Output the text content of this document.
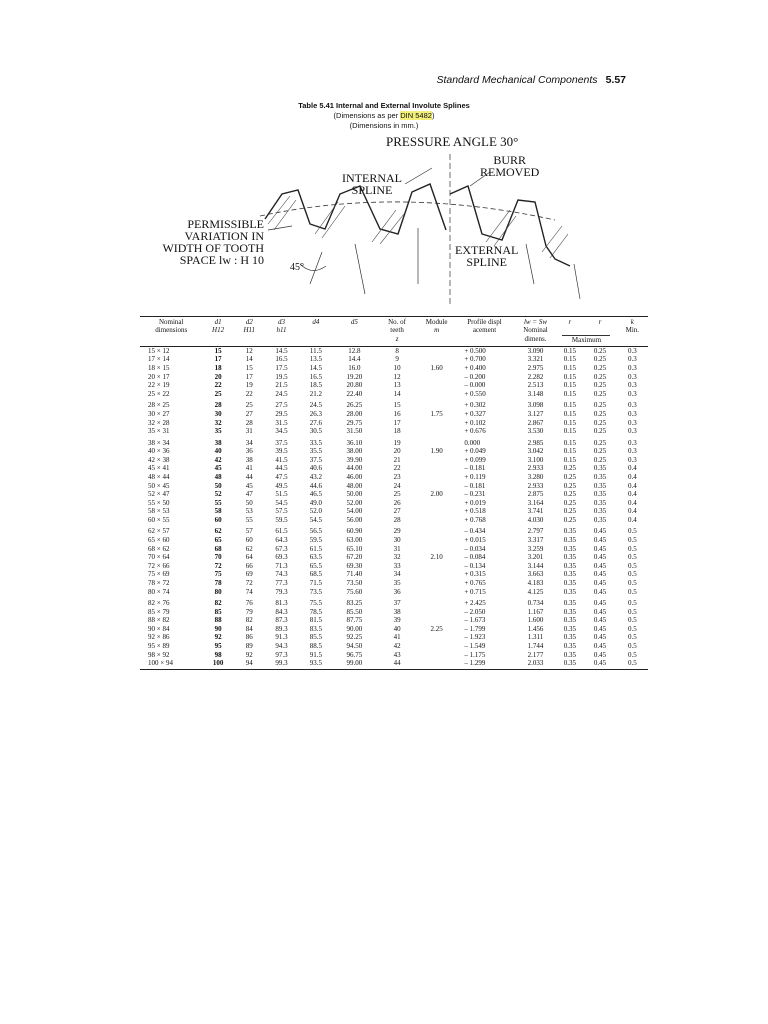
Standard Mechanical Components 5.57
Table 5.41 Internal and External Involute Splines
(Dimensions as per DIN 5482)
(Dimensions in mm.)
PRESSURE ANGLE 30°
BURR
REMOVED
INTERNAL
SPLINE
PERMISSIBLE
VARIATION IN
WIDTH OF TOOTH
SPACE lw : H 10
EXTERNAL
SPLINE
45°
Nominal	d1	d2	d3	d4	d5	No. of	Module	Profile displ	lw = Sw	r	r	k
dimensions	H12	H11	h11			teeth	m	acement	Nominal			Min.
						z			dimens.	Maximum		
15 × 12	15	12	14.5	11.5	12.8	8		+ 0.500	3.090	0.15	0.25	0.3
17 × 14	17	14	16.5	13.5	14.4	9		+ 0.700	3.321	0.15	0.25	0.3
18 × 15	18	15	17.5	14.5	16.0	10	1.60	+ 0.400	2.975	0.15	0.25	0.3
20 × 17	20	17	19.5	16.5	19.20	12		– 0.200	2.282	0.15	0.25	0.3
22 × 19	22	19	21.5	18.5	20.80	13		– 0.000	2.513	0.15	0.25	0.3
25 × 22	25	22	24.5	21.2	22.40	14		+ 0.550	3.148	0.15	0.25	0.3
28 × 25	28	25	27.5	24.5	26.25	15		+ 0.302	3.098	0.15	0.25	0.3
30 × 27	30	27	29.5	26.3	28.00	16	1.75	+ 0.327	3.127	0.15	0.25	0.3
32 × 28	32	28	31.5	27.6	29.75	17		+ 0.102	2.867	0.15	0.25	0.3
35 × 31	35	31	34.5	30.5	31.50	18		+ 0.676	3.530	0.15	0.25	0.3
38 × 34	38	34	37.5	33.5	36.10	19		0.000	2.985	0.15	0.25	0.3
40 × 36	40	36	39.5	35.5	38.00	20	1.90	+ 0.049	3.042	0.15	0.25	0.3
42 × 38	42	38	41.5	37.5	39.90	21		+ 0.099	3.100	0.15	0.25	0.3
45 × 41	45	41	44.5	40.6	44.00	22		– 0.181	2.933	0.25	0.35	0.4
48 × 44	48	44	47.5	43.2	46.00	23		+ 0.119	3.280	0.25	0.35	0.4
50 × 45	50	45	49.5	44.6	48.00	24		– 0.181	2.933	0.25	0.35	0.4
52 × 47	52	47	51.5	46.5	50.00	25	2.00	– 0.231	2.875	0.25	0.35	0.4
55 × 50	55	50	54.5	49.0	52.00	26		+ 0.019	3.164	0.25	0.35	0.4
58 × 53	58	53	57.5	52.0	54.00	27		+ 0.518	3.741	0.25	0.35	0.4
60 × 55	60	55	59.5	54.5	56.00	28		+ 0.768	4.030	0.25	0.35	0.4
62 × 57	62	57	61.5	56.5	60.90	29		– 0.434	2.797	0.35	0.45	0.5
65 × 60	65	60	64.3	59.5	63.00	30		+ 0.015	3.317	0.35	0.45	0.5
68 × 62	68	62	67.3	61.5	65.10	31		– 0.034	3.259	0.35	0.45	0.5
70 × 64	70	64	69.3	63.5	67.20	32	2.10	– 0.084	3.201	0.35	0.45	0.5
72 × 66	72	66	71.3	65.5	69.30	33		– 0.134	3.144	0.35	0.45	0.5
75 × 69	75	69	74.3	68.5	71.40	34		+ 0.315	3.663	0.35	0.45	0.5
78 × 72	78	72	77.3	71.5	73.50	35		+ 0.765	4.183	0.35	0.45	0.5
80 × 74	80	74	79.3	73.5	75.60	36		+ 0.715	4.125	0.35	0.45	0.5
82 × 76	82	76	81.3	75.5	83.25	37		+ 2.425	0.734	0.35	0.45	0.5
85 × 79	85	79	84.3	78.5	85.50	38		– 2.050	1.167	0.35	0.45	0.5
88 × 82	88	82	87.3	81.5	87.75	39		– 1.673	1.600	0.35	0.45	0.5
90 × 84	90	84	89.3	83.5	90.00	40	2.25	– 1.799	1.456	0.35	0.45	0.5
92 × 86	92	86	91.3	85.5	92.25	41		– 1.923	1.311	0.35	0.45	0.5
95 × 89	95	89	94.3	88.5	94.50	42		– 1.549	1.744	0.35	0.45	0.5
98 × 92	98	92	97.3	91.5	96.75	43		– 1.175	2.177	0.35	0.45	0.5
100 × 94	100	94	99.3	93.5	99.00	44		– 1.299	2.033	0.35	0.45	0.5
